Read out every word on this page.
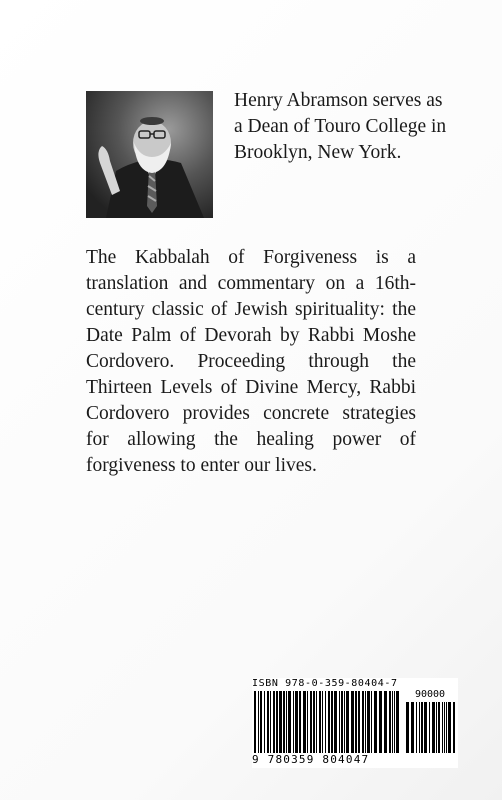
Henry Abramson serves as a Dean of Touro College in Brooklyn, New York.
The Kabbalah of Forgiveness is a translation and commentary on a 16th-century classic of Jewish spirituality: the Date Palm of Devorah by Rabbi Moshe Cordovero. Proceeding through the Thirteen Levels of Divine Mercy, Rabbi Cordovero provides concrete strategies for allowing the healing power of forgiveness to enter our lives.
ISBN 978-0-359-80404-7
90000
9 780359 804047
